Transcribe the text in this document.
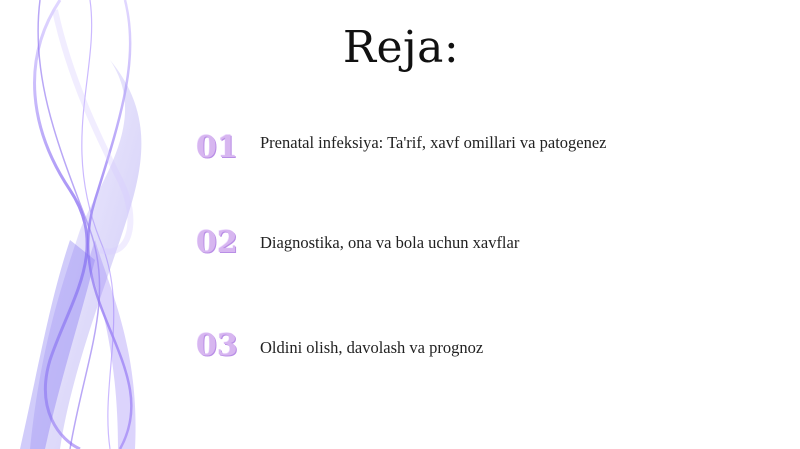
Reja:
01	Prenatal infeksiya: Ta'rif, xavf omillari va patogenez
02	Diagnostika, ona va bola uchun xavflar
03	Oldini olish, davolash va prognoz
